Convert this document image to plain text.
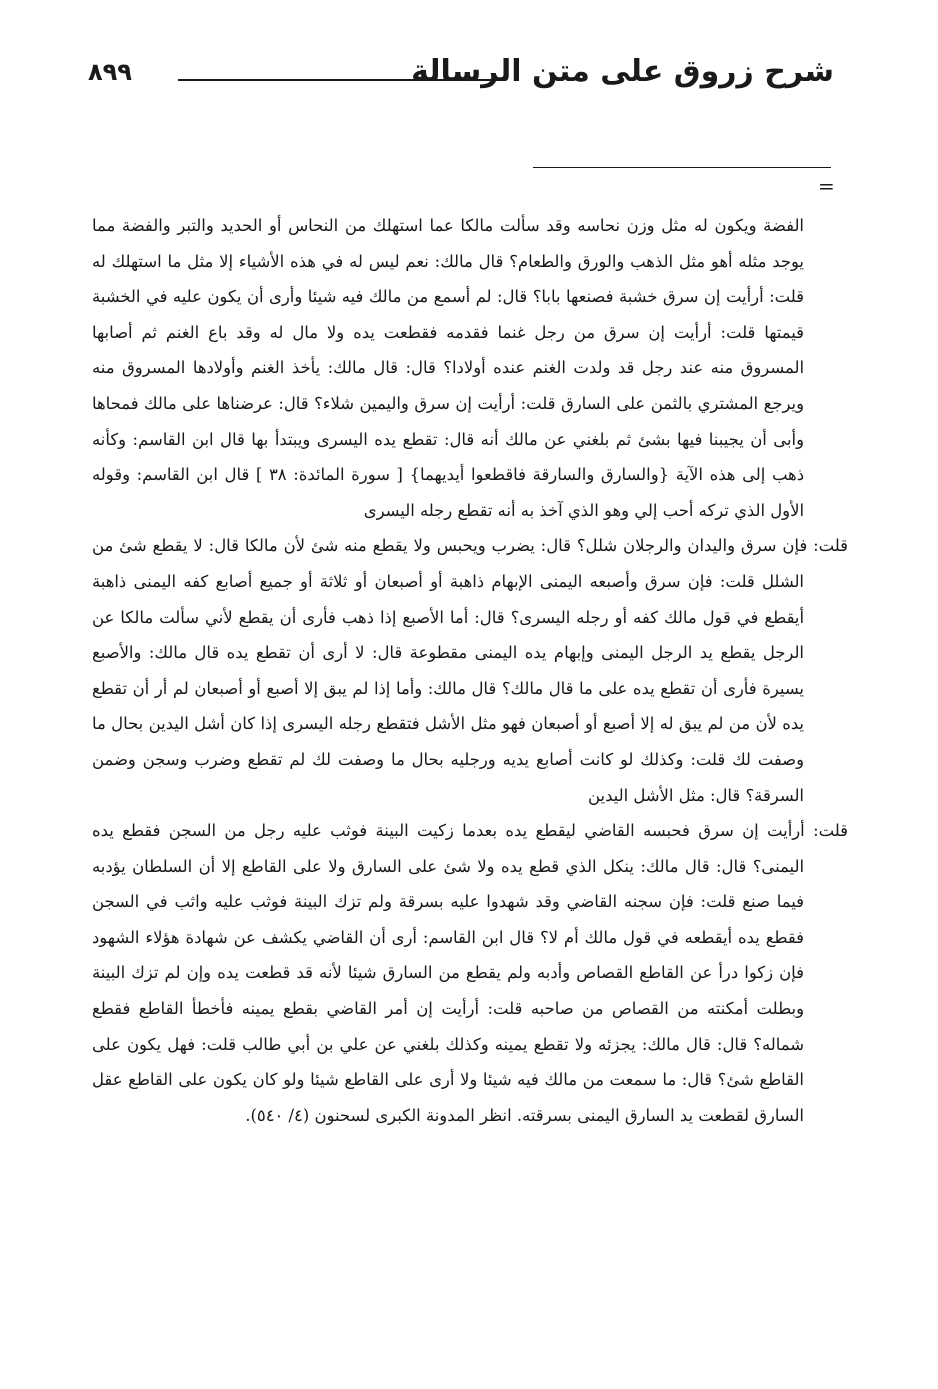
شرح زروق على متن الرسالة
٨٩٩
=

الفضة ويكون له مثل وزن نحاسه وقد سألت مالكا عما استهلك من النحاس أو الحديد والتبر والفضة مما يوجد مثله أهو مثل الذهب والورق والطعام؟ قال مالك: نعم ليس له في هذه الأشياء إلا مثل ما استهلك له قلت: أرأيت إن سرق خشبة فصنعها بابا؟ قال: لم أسمع من مالك فيه شيئا وأرى أن يكون عليه في الخشبة قيمتها قلت: أرأيت إن سرق من رجل غنما فقدمه فقطعت يده ولا مال له وقد باع الغنم ثم أصابها المسروق منه عند رجل قد ولدت الغنم عنده أولادا؟ قال: قال مالك: يأخذ الغنم وأولادها المسروق منه ويرجع المشتري بالثمن على السارق قلت: أرأيت إن سرق واليمين شلاء؟ قال: عرضناها على مالك فمحاها وأبى أن يجيبنا فيها بشئ ثم بلغني عن مالك أنه قال: تقطع يده اليسرى ويبتدأ بها قال ابن القاسم: وكأنه ذهب إلى هذه الآية {والسارق والسارقة فاقطعوا أيديهما} [ سورة المائدة: ٣٨ ] قال ابن القاسم: وقوله الأول الذي تركه أحب إلي وهو الذي آخذ به أنه تقطع رجله اليسرى

قلت: فإن سرق واليدان والرجلان شلل؟ قال: يضرب ويحبس ولا يقطع منه شئ لأن مالكا قال: لا يقطع شئ من الشلل قلت: فإن سرق وأصبعه اليمنى الإبهام ذاهبة أو أصبعان أو ثلاثة أو جميع أصابع كفه اليمنى ذاهبة أيقطع في قول مالك كفه أو رجله اليسرى؟ قال: أما الأصبع إذا ذهب فأرى أن يقطع لأني سألت مالكا عن الرجل يقطع يد الرجل اليمنى وإبهام يده اليمنى مقطوعة قال: لا أرى أن تقطع يده قال مالك: والأصبع يسيرة فأرى أن تقطع يده على ما قال مالك؟ قال مالك: وأما إذا لم يبق إلا أصبع أو أصبعان لم أر أن تقطع يده لأن من لم يبق له إلا أصبع أو أصبعان فهو مثل الأشل فتقطع رجله اليسرى إذا كان أشل اليدين بحال ما وصفت لك قلت: وكذلك لو كانت أصابع يديه ورجليه بحال ما وصفت لك لم تقطع وضرب وسجن وضمن السرقة؟ قال: مثل الأشل اليدين

قلت: أرأيت إن سرق فحبسه القاضي ليقطع يده بعدما زكيت البينة فوثب عليه رجل من السجن فقطع يده اليمنى؟ قال: قال مالك: ينكل الذي قطع يده ولا شئ على السارق ولا على القاطع إلا أن السلطان يؤدبه فيما صنع قلت: فإن سجنه القاضي وقد شهدوا عليه بسرقة ولم تزك البينة فوثب عليه واثب في السجن فقطع يده أيقطعه في قول مالك أم لا؟ قال ابن القاسم: أرى أن القاضي يكشف عن شهادة هؤلاء الشهود فإن زكوا درأ عن القاطع القصاص وأدبه ولم يقطع من السارق شيئا لأنه قد قطعت يده وإن لم تزك البينة وبطلت أمكنته من القصاص من صاحبه قلت: أرأيت إن أمر القاضي بقطع يمينه فأخطأ القاطع فقطع شماله؟ قال: قال مالك: يجزئه ولا تقطع يمينه وكذلك بلغني عن علي بن أبي طالب قلت: فهل يكون على القاطع شئ؟ قال: ما سمعت من مالك فيه شيئا ولا أرى على القاطع شيئا ولو كان يكون على القاطع عقل السارق لقطعت يد السارق اليمنى بسرقته. انظر المدونة الكبرى لسحنون (٤/ ٥٤٠).
